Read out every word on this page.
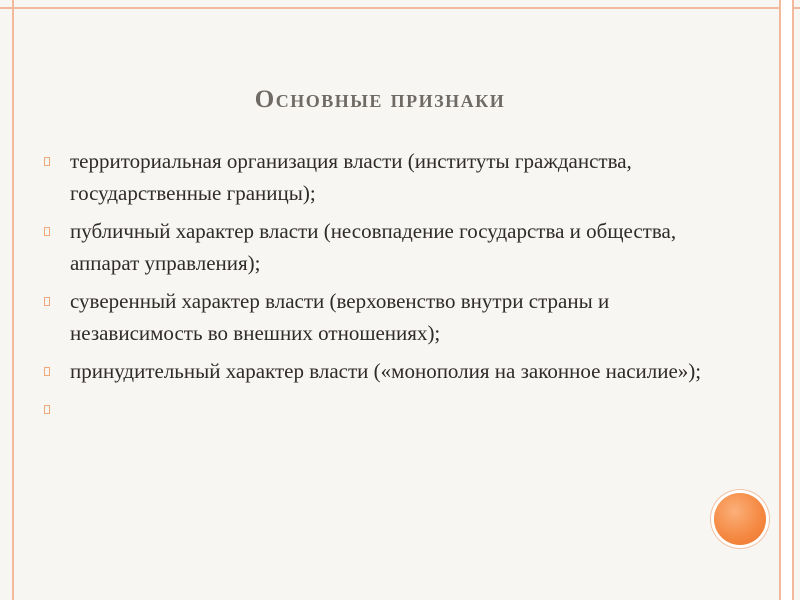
Основные признаки
территориальная организация власти (институты гражданства, государственные границы);
публичный характер власти (несовпадение государства и общества, аппарат управления);
суверенный характер власти (верховенство внутри страны и независимость во внешних отношениях);
принудительный характер власти («монополия на законное насилие»);
